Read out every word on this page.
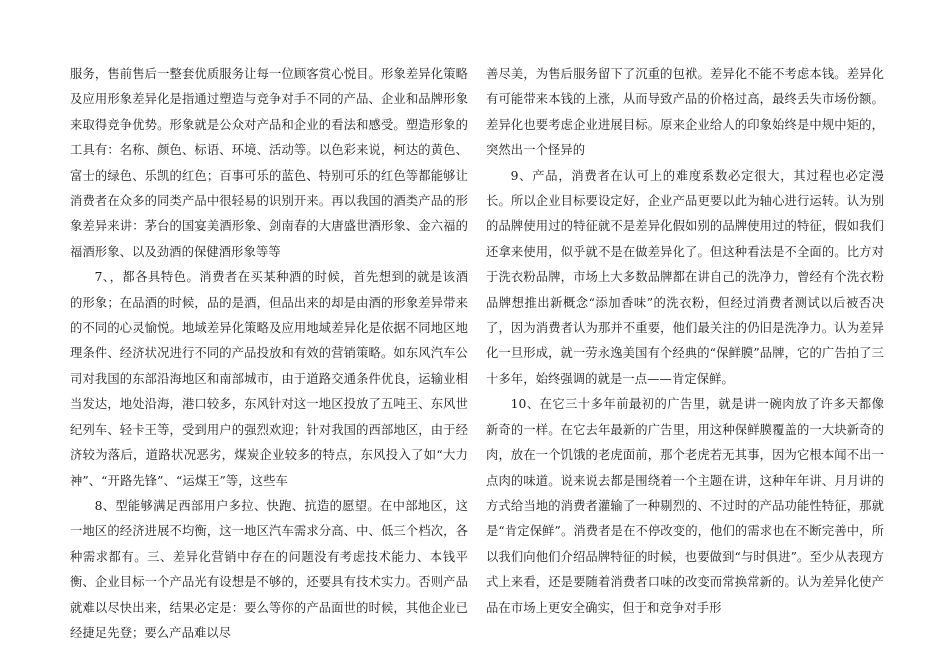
服务，售前售后一整套优质服务让每一位顾客赏心悦目。形象差异化策略及应用形象差异化是指通过塑造与竞争对手不同的产品、企业和品牌形象来取得竞争优势。形象就是公众对产品和企业的看法和感受。塑造形象的工具有：名称、颜色、标语、环境、活动等。以色彩来说，柯达的黄色、富士的绿色、乐凯的红色；百事可乐的蓝色、特别可乐的红色等都能够让消费者在众多的同类产品中很轻易的识别开来。再以我国的酒类产品的形象差异来讲：茅台的国宴美酒形象、剑南春的大唐盛世酒形象、金六福的福酒形象、以及劲酒的保健酒形象等等

7、，都各具特色。消费者在买某种酒的时候，首先想到的就是该酒的形象；在品酒的时候，品的是酒，但品出来的却是由酒的形象差异带来的不同的心灵愉悦。地域差异化策略及应用地域差异化是依据不同地区地理条件、经济状况进行不同的产品投放和有效的营销策略。如东风汽车公司对我国的东部沿海地区和南部城市，由于道路交通条件优良，运输业相当发达，地处沿海，港口较多，东风针对这一地区投放了五吨王、东风世纪列车、轻卡王等，受到用户的强烈欢迎；针对我国的西部地区，由于经济较为落后，道路状况恶劣，煤炭企业较多的特点，东风投入了如“大力神”、“开路先锋”、“运煤王”等，这些车

8、型能够满足西部用户多拉、快跑、抗造的愿望。在中部地区，这一地区的经济进展不均衡，这一地区汽车需求分高、中、低三个档次，各种需求都有。三、差异化营销中存在的问题没有考虑技术能力、本钱平衡、企业目标一个产品光有设想是不够的，还要具有技术实力。否则产品就难以尽快出来，结果必定是：要么等你的产品面世的时候，其他企业已经捷足先登；要么产品难以尽

善尽美，为售后服务留下了沉重的包袱。差异化不能不考虑本钱。差异化有可能带来本钱的上涨，从而导致产品的价格过高，最终丢失市场份额。差异化也要考虑企业进展目标。原来企业给人的印象始终是中规中矩的，突然出一个怪异的

9、产品，消费者在认可上的难度系数必定很大，其过程也必定漫长。所以企业目标要设定好，企业产品更要以此为轴心进行运转。认为别的品牌使用过的特征就不是差异化假如别的品牌使用过的特征，假如我们还拿来使用，似乎就不是在做差异化了。但这种看法是不全面的。比方对于洗衣粉品牌，市场上大多数品牌都在讲自己的洗净力，曾经有个洗衣粉品牌想推出新概念“添加香味”的洗衣粉，但经过消费者测试以后被否决了，因为消费者认为那并不重要，他们最关注的仍旧是洗净力。认为差异化一旦形成，就一劳永逸美国有个经典的“保鲜膜”品牌，它的广告拍了三十多年，始终强调的就是一点——肯定保鲜。

10、在它三十多年前最初的广告里，就是讲一碗肉放了许多天都像新奇的一样。在它去年最新的广告里，用这种保鲜膜覆盖的一大块新奇的肉，放在一个饥饿的老虎面前，那个老虎若无其事，因为它根本闻不出一点肉的味道。说来说去都是围绕着一个主题在讲，这种年年讲、月月讲的方式给当地的消费者灌输了一种剔烈的、不过时的产品功能性特征，那就是“肯定保鲜”。消费者是在不停改变的，他们的需求也在不断完善中，所以我们向他们介绍品牌特征的时候，也要做到“与时俱进”。至少从表现方式上来看，还是要随着消费者口味的改变而常换常新的。认为差异化使产品在市场上更安全确实，但于和竞争对手形
